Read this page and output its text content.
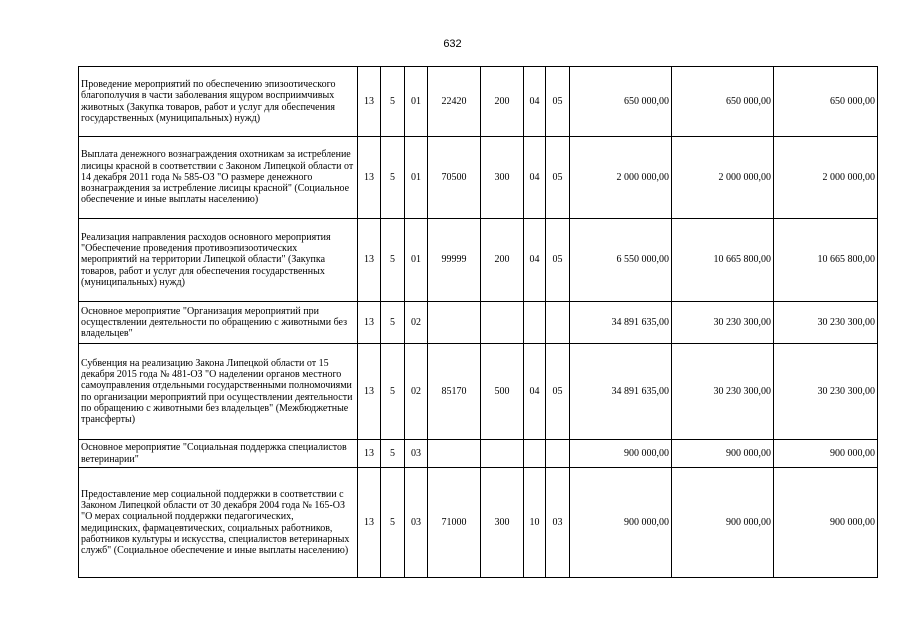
632
Проведение мероприятий по обеспечению эпизоотического благополучия в части заболевания ящуром восприимчивых животных (Закупка товаров, работ и услуг для обеспечения государственных (муниципальных) нужд)	13	5	01	22420	200	04	05	650 000,00	650 000,00	650 000,00
Выплата денежного вознаграждения охотникам за истребление лисицы красной в соответствии с Законом Липецкой области от 14 декабря 2011 года № 585-ОЗ "О размере денежного вознаграждения за истребление лисицы красной" (Социальное обеспечение и иные выплаты населению)	13	5	01	70500	300	04	05	2 000 000,00	2 000 000,00	2 000 000,00
Реализация направления расходов основного мероприятия "Обеспечение проведения противоэпизоотических мероприятий на территории Липецкой области" (Закупка товаров, работ и услуг для обеспечения государственных (муниципальных) нужд)	13	5	01	99999	200	04	05	6 550 000,00	10 665 800,00	10 665 800,00
Основное мероприятие "Организация мероприятий при осуществлении деятельности по обращению с животными без владельцев"	13	5	02					34 891 635,00	30 230 300,00	30 230 300,00
Субвенция на реализацию Закона Липецкой области от 15 декабря 2015 года № 481-ОЗ "О наделении органов местного самоуправления отдельными государственными полномочиями по организации мероприятий при осуществлении деятельности по обращению с животными без владельцев" (Межбюджетные трансферты)	13	5	02	85170	500	04	05	34 891 635,00	30 230 300,00	30 230 300,00
Основное мероприятие "Социальная поддержка специалистов ветеринарии"	13	5	03					900 000,00	900 000,00	900 000,00
Предоставление мер социальной поддержки в соответствии с Законом Липецкой области от 30 декабря 2004 года № 165-ОЗ "О мерах социальной поддержки педагогических, медицинских, фармацевтических, социальных работников, работников культуры и искусства, специалистов ветеринарных служб" (Социальное обеспечение и иные выплаты населению)	13	5	03	71000	300	10	03	900 000,00	900 000,00	900 000,00
